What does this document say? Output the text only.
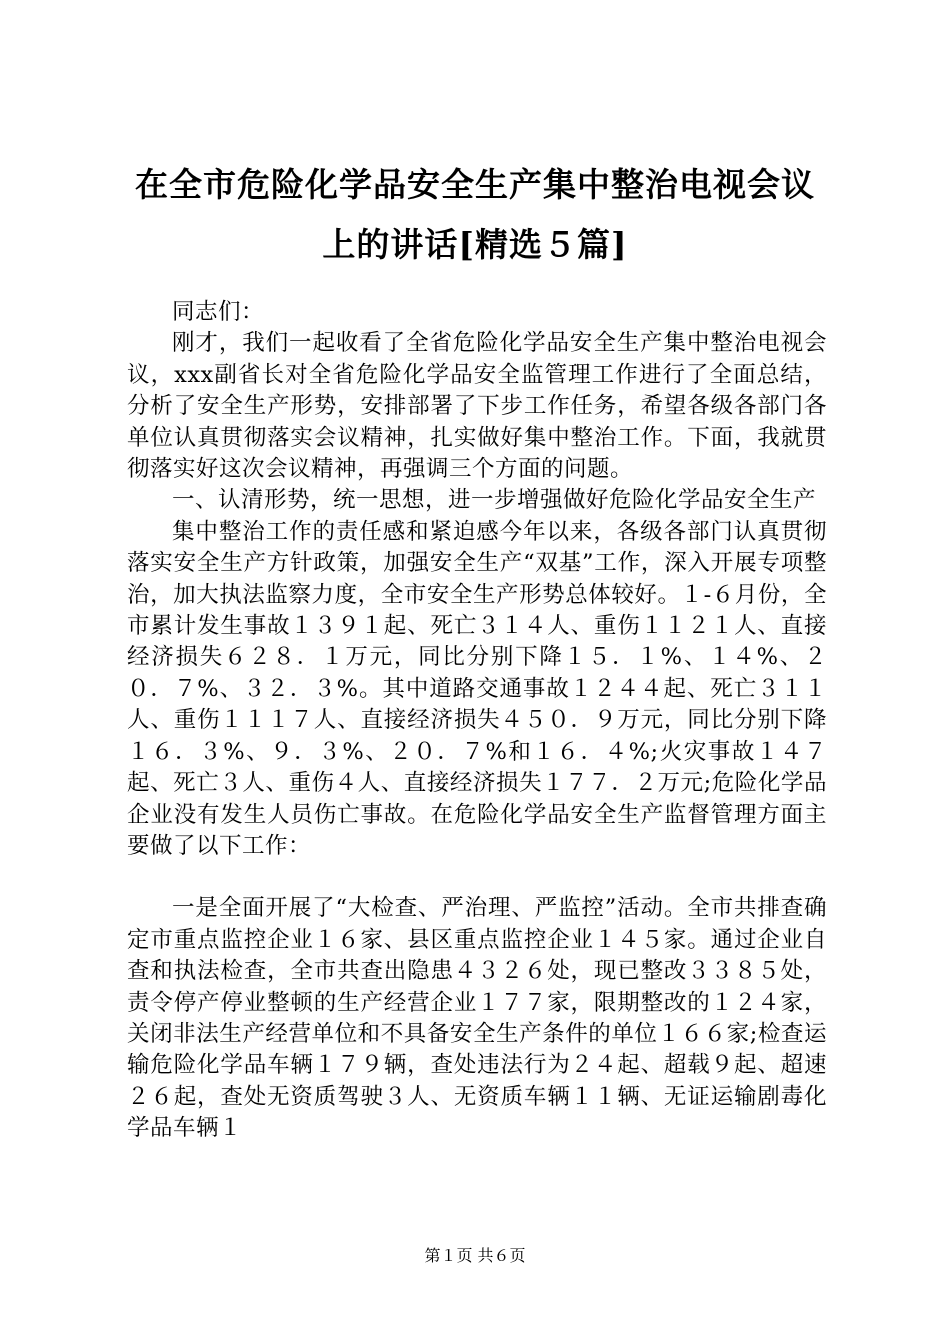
在全市危险化学品安全生产集中整治电视会议
上的讲话[精选５篇]

同志们：

刚才，我们一起收看了全省危险化学品安全生产集中整治电视会议，xxx副省长对全省危险化学品安全监管理工作进行了全面总结，分析了安全生产形势，安排部署了下步工作任务，希望各级各部门各单位认真贯彻落实会议精神，扎实做好集中整治工作。下面，我就贯彻落实好这次会议精神，再强调三个方面的问题。

一、认清形势，统一思想，进一步增强做好危险化学品安全生产

集中整治工作的责任感和紧迫感今年以来，各级各部门认真贯彻落实安全生产方针政策，加强安全生产“双基”工作，深入开展专项整治，加大执法监察力度，全市安全生产形势总体较好。１-６月份，全市累计发生事故１３９１起、死亡３１４人、重伤１１２１人、直接经济损失６２８．１万元，同比分别下降１５．１%、１４%、２０．７%、３２．３%。其中道路交通事故１２４４起、死亡３１１人、重伤１１１７人、直接经济损失４５０．９万元，同比分别下降１６．３%、９．３%、２０．７%和１６．４%;火灾事故１４７起、死亡３人、重伤４人、直接经济损失１７７．２万元;危险化学品企业没有发生人员伤亡事故。在危险化学品安全生产监督管理方面主要做了以下工作：

一是全面开展了“大检查、严治理、严监控”活动。全市共排查确定市重点监控企业１６家、县区重点监控企业１４５家。通过企业自查和执法检查，全市共查出隐患４３２６处，现已整改３３８５处，责令停产停业整顿的生产经营企业１７７家，限期整改的１２４家，关闭非法生产经营单位和不具备安全生产条件的单位１６６家;检查运输危险化学品车辆１７９辆，查处违法行为２４起、超载９起、超速２６起，查处无资质驾驶３人、无资质车辆１１辆、无证运输剧毒化学品车辆１

第１页 共６页
